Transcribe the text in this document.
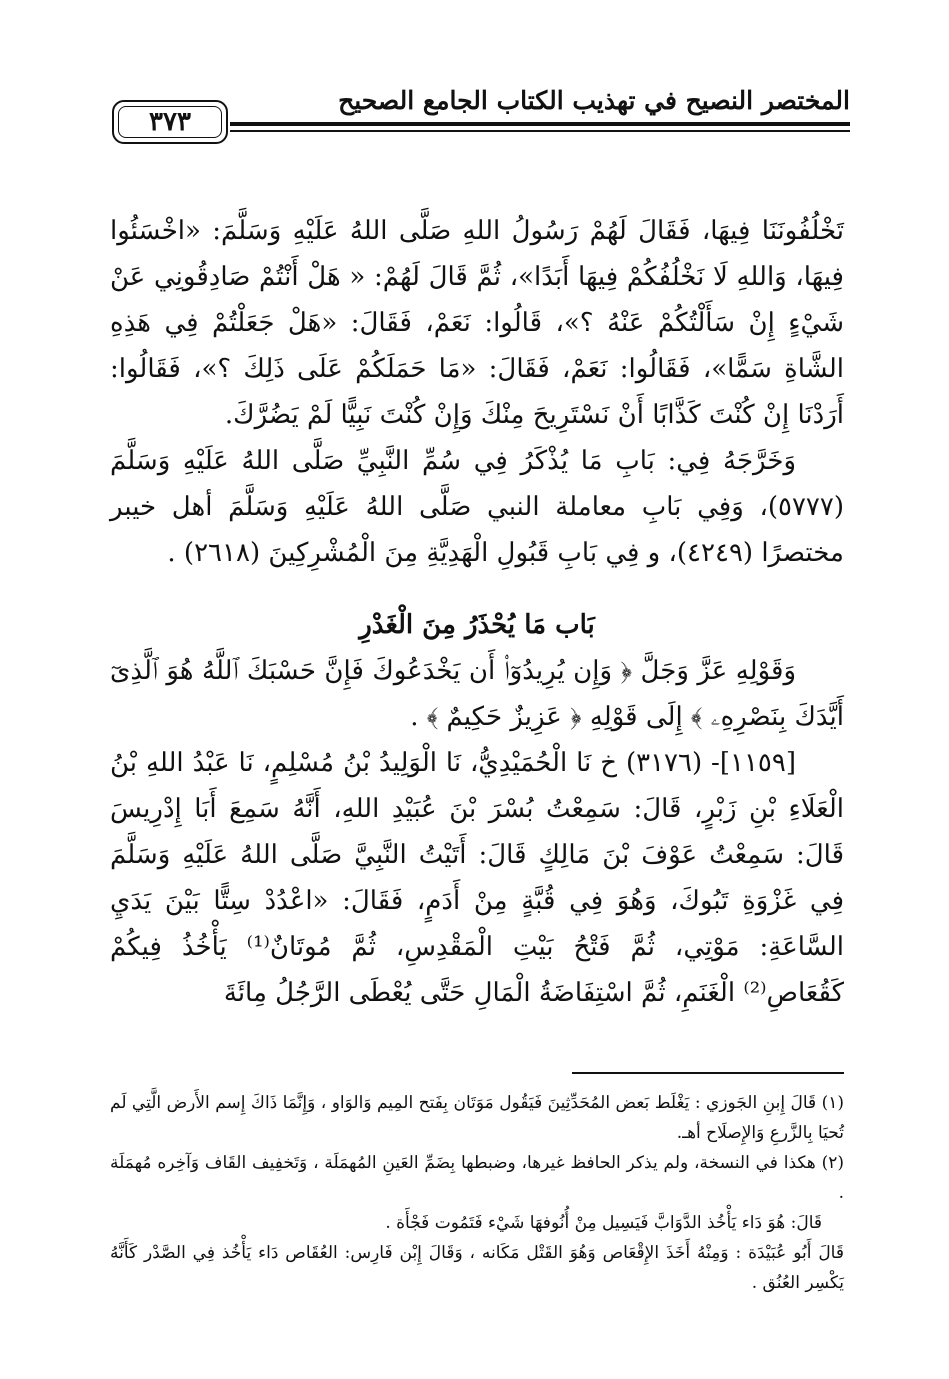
٣٧٣
المختصر النصيح في تهذيب الكتاب الجامع الصحيح

تَخْلُفُونَنَا فِيهَا، فَقَالَ لَهُمْ رَسُولُ اللهِ صَلَّى اللهُ عَلَيْهِ وَسَلَّمَ: «اخْسَئُوا فِيهَا، وَاللهِ لَا نَخْلُفُكُمْ فِيهَا أَبَدًا»، ثُمَّ قَالَ لَهُمْ: « هَلْ أَنْتُمْ صَادِقُونِي عَنْ شَيْءٍ إِنْ سَأَلْتُكُمْ عَنْهُ ؟»، قَالُوا: نَعَمْ، فَقَالَ: «هَلْ جَعَلْتُمْ فِي هَذِهِ الشَّاةِ سَمًّا»، فَقَالُوا: نَعَمْ، فَقَالَ: «مَا حَمَلَكُمْ عَلَى ذَلِكَ ؟»، فَقَالُوا: أَرَدْنَا إِنْ كُنْتَ كَذَّابًا أَنْ نَسْتَرِيحَ مِنْكَ وَإِنْ كُنْتَ نَبِيًّا لَمْ يَضُرَّكَ.

وَخَرَّجَهُ فِي: بَابِ مَا يُذْكَرُ فِي سُمِّ النَّبِيِّ صَلَّى اللهُ عَلَيْهِ وَسَلَّمَ (٥٧٧٧)، وَفِي بَابِ معاملة النبي صَلَّى اللهُ عَلَيْهِ وَسَلَّمَ أهل خيبر مختصرًا (٤٢٤٩)، و فِي بَابِ قَبُولِ الْهَدِيَّةِ مِنَ الْمُشْرِكِينَ (٢٦١٨) .

بَاب مَا يُحْذَرُ مِنَ الْغَدْرِ

وَقَوْلِهِ عَزَّ وَجَلَّ ﴿ وَإِن يُرِيدُوٓا۟ أَن يَخْدَعُوكَ فَإِنَّ حَسْبَكَ ٱللَّهُ هُوَ ٱلَّذِىٓ أَيَّدَكَ بِنَصْرِهِۦ ﴾ إِلَى قَوْلِهِ ﴿ عَزِيزٌ حَكِيمٌ ﴾ .

[١١٥٩]- (٣١٧٦) خ نَا الْحُمَيْدِيُّ، نَا الْوَلِيدُ بْنُ مُسْلِمٍ، نَا عَبْدُ اللهِ بْنُ الْعَلَاءِ بْنِ زَبْرٍ، قَالَ: سَمِعْتُ بُسْرَ بْنَ عُبَيْدِ اللهِ، أَنَّهُ سَمِعَ أَبَا إِدْرِيسَ قَالَ: سَمِعْتُ عَوْفَ بْنَ مَالِكٍ قَالَ: أَتَيْتُ النَّبِيَّ صَلَّى اللهُ عَلَيْهِ وَسَلَّمَ فِي غَزْوَةِ تَبُوكَ، وَهُوَ فِي قُبَّةٍ مِنْ أَدَمٍ، فَقَالَ: «اعْدُدْ سِتًّا بَيْنَ يَدَيِ السَّاعَةِ: مَوْتِي، ثُمَّ فَتْحُ بَيْتِ الْمَقْدِسِ، ثُمَّ مُوتَانٌ⁽¹⁾ يَأْخُذُ فِيكُمْ كَقُعَاصِ⁽²⁾ الْغَنَمِ، ثُمَّ اسْتِفَاضَةُ الْمَالِ حَتَّى يُعْطَى الرَّجُلُ مِائَةَ

(١) قَالَ إِبنِ الجَوزي : يَغْلَط بَعض المُحَدِّثِينَ فَيَقُول مَوَتَان بِفَتح المِيم وَالوَاو ، وَإِنَّمَا ذَاكَ إِسم الأَرض الَّتِي لَم تُحيَا بِالزَّرعِ وَالإِصلَاح أهـ.

(٢) هكذا في النسخة، ولم يذكر الحافظ غيرها، وضبطها بِضَمِّ العَينِ المُهمَلَة ، وَتَخفِيف القَاف وَآخِره مُهمَلَة .

قَالَ: هُوَ دَاء يَأْخُذ الدَّوَابَّ فَيَسِيل مِنْ أُنُوفهَا شَيْء فَتَمُوت فَجْأَة .

قَالَ أَبُو عُبَيْدَة : وَمِنْهُ أَخَذَ الإِقْعَاص وَهُوَ القَتْل مَكَانه ، وَقَالَ إِبْن فَارِس: العُقَاص دَاء يَأْخُذ فِي الصَّدْر كَأَنَّهُ يَكْسِر العُنُق .
